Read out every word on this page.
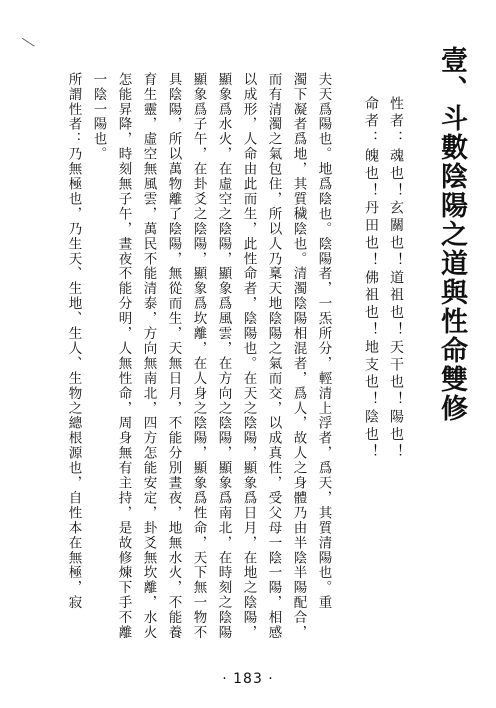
╲
壹、斗數陰陽之道與性命雙修
性者：魂也！玄關也！道祖也！天干也！陽也！
命者：魄也！丹田也！佛祖也！地支也！陰也！
夫天爲陽也。地爲陰也。陰陽者，一炁所分，輕清上浮者，爲天，其質清陽也。重
濁下凝者爲地，其質穢陰也。清濁陰陽相混者，爲人，故人之身體乃由半陰半陽配合，
而有清濁之氣包住，所以人乃稟天地陰陽之氣而交，以成真性，受父母一陰一陽，相感
以成形，人命由此而生，此性命者，陰陽也。在天之陰陽，顯象爲日月，在地之陰陽，
顯象爲水火，在虛空之陰陽，顯象爲風雲，在方向之陰陽，顯象爲南北，在時刻之陰陽
顯象爲子午，在卦爻之陰陽，顯象爲坎離，在人身之陰陽，顯象爲性命，天下無一物不
具陰陽，所以萬物離了陰陽，無從而生，天無日月，不能分別晝夜，地無水火，不能養
育生靈，虛空無風雲，萬民不能清泰，方向無南北，四方怎能安定，卦爻無坎離，水火
怎能昇降，時刻無子午，晝夜不能分明，人無性命，周身無有主持，是故修煉下手不離
一陰一陽也。
所謂性者：乃無極也，乃生天、生地、生人、生物之總根源也，自性本在無極，寂
· 183 ·
